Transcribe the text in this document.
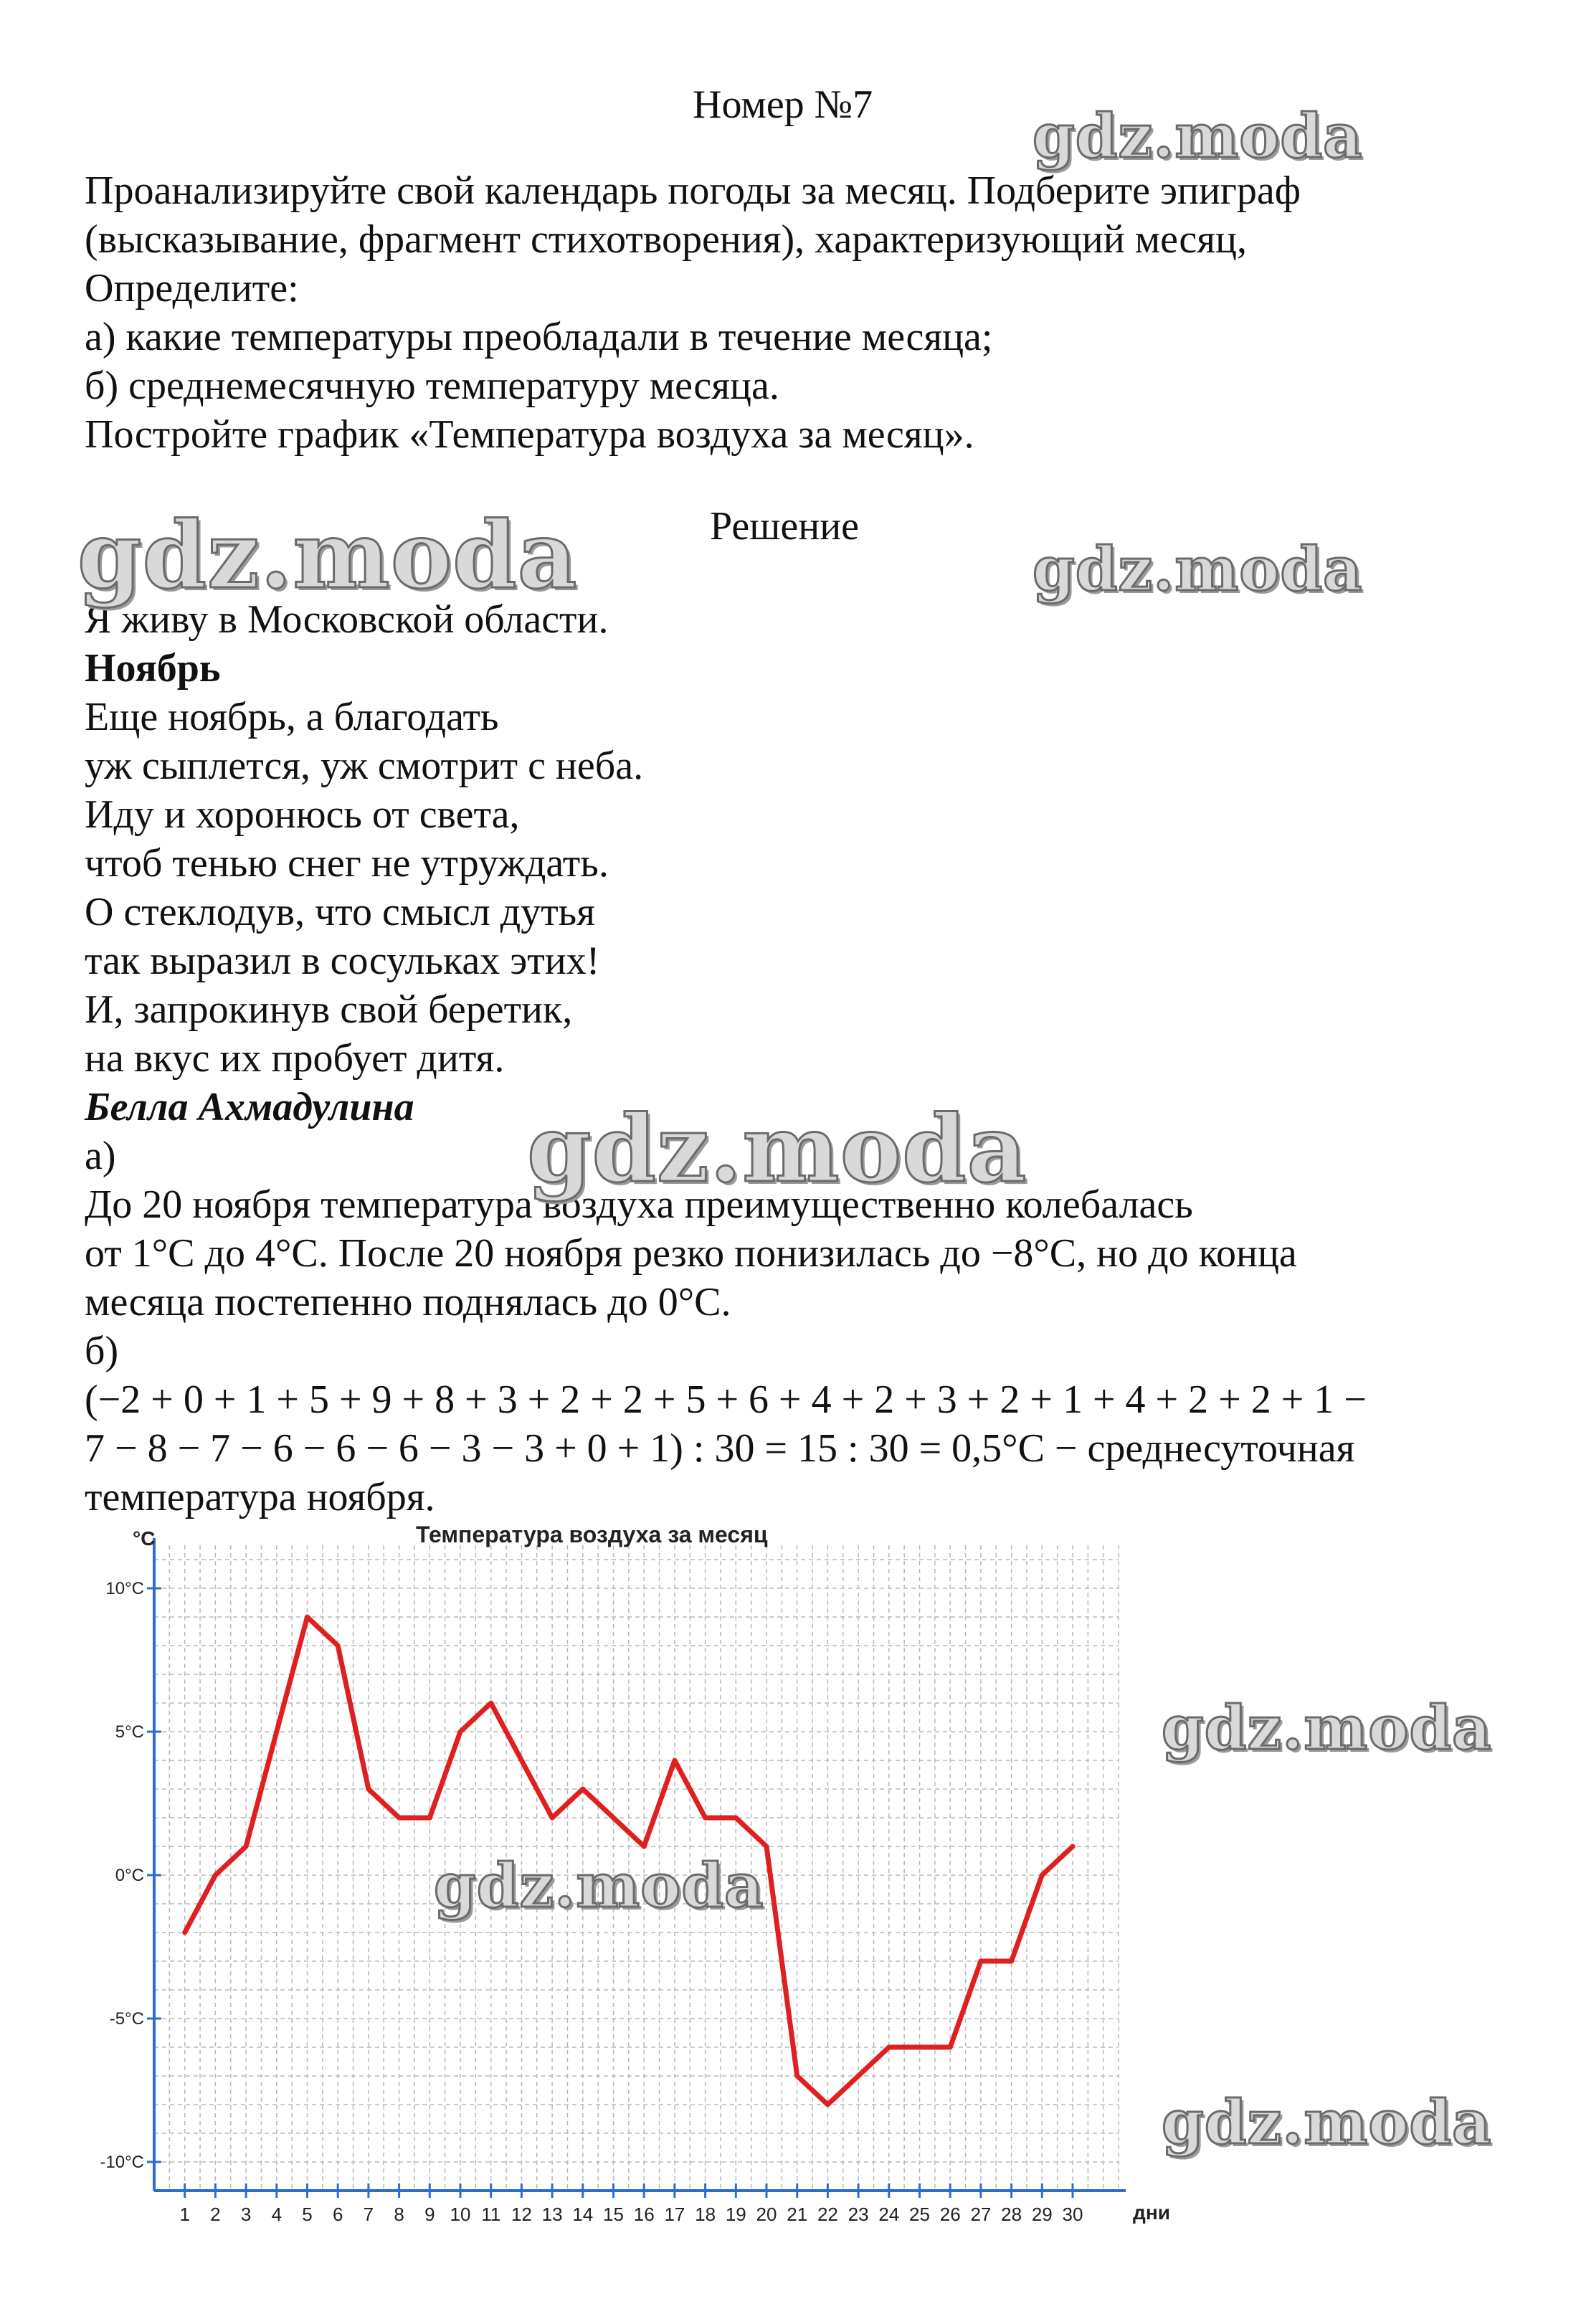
Номер №7

Проанализируйте свой календарь погоды за месяц. Подберите эпиграф

(высказывание, фрагмент стихотворения), характеризующий месяц,

Определите:

а) какие температуры преобладали в течение месяца;

б) среднемесячную температуру месяца.

Постройте график «Температура воздуха за месяц».

Решение

Я живу в Московской области.

Ноябрь

Еще ноябрь, а благодать

уж сыплется, уж смотрит с неба.

Иду и хоронюсь от света,

чтоб тенью снег не утруждать.

О стеклодув, что смысл дутья

так выразил в сосульках этих!

И, запрокинув свой беретик,

на вкус их пробует дитя.

Белла Ахмадулина

а)

До 20 ноября температура воздуха преимущественно колебалась

от 1°С до 4°С. После 20 ноября резко понизилась до −8°С, но до конца

месяца постепенно поднялась до 0°С.

б)

(−2 + 0 + 1 + 5 + 9 + 8 + 3 + 2 + 2 + 5 + 6 + 4 + 2 + 3 + 2 + 1 + 4 + 2 + 2 + 1 −

7 − 8 − 7 − 6 − 6 − 6 − 3 − 3 + 0 + 1) : 30 = 15 : 30 = 0,5°С − среднесуточная

температура ноября.

10°C
5°C
0°C
-5°C
-10°C
1 2 3 4 5 6 7 8 9 10 11 12 13 14 15 16 17 18 19 20 21 22 23 24 25 26 27 28 29 30
°C
дни
Температура воздуха за месяц
gdz.moda
gdz.moda	gdz.moda
gdz.moda
gdz.moda
gdz.moda
gdz.moda
